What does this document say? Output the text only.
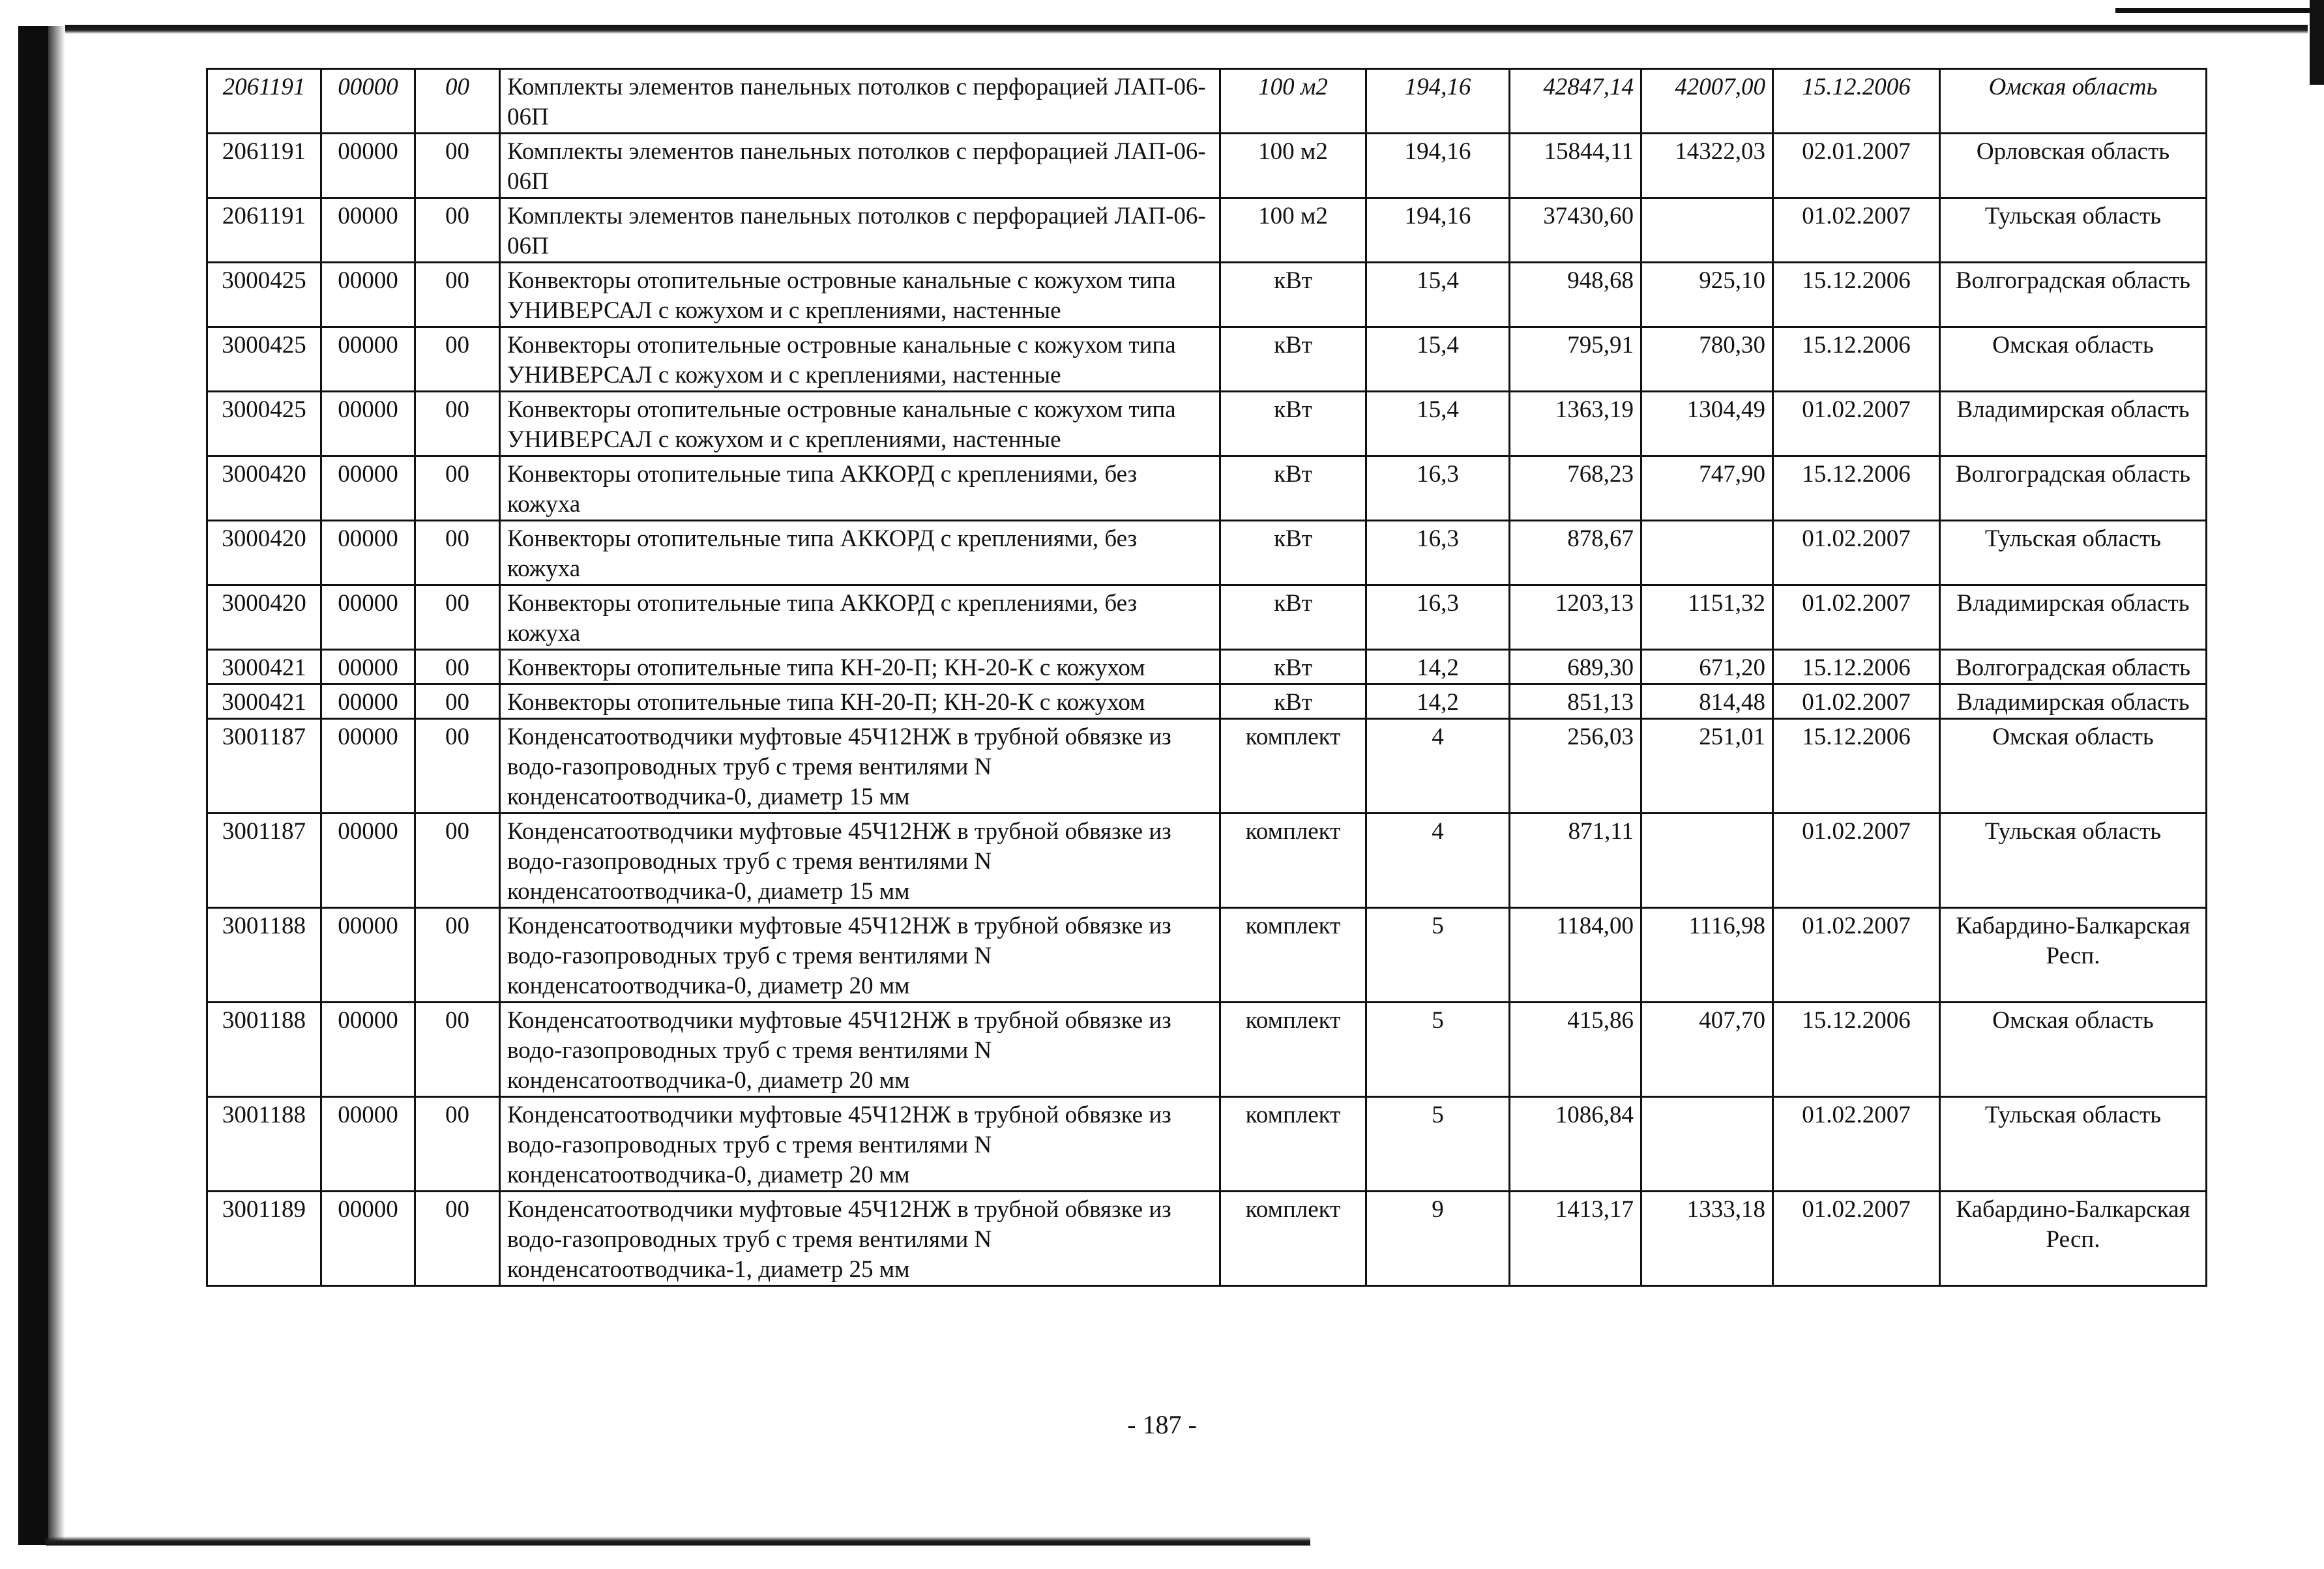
2061191	00000	00	Комплекты элементов панельных потолков с перфорацией ЛАП-06-06П	100 м2	194,16	42847,14	42007,00	15.12.2006	Омская область
2061191	00000	00	Комплекты элементов панельных потолков с перфорацией ЛАП-06-06П	100 м2	194,16	15844,11	14322,03	02.01.2007	Орловская область
2061191	00000	00	Комплекты элементов панельных потолков с перфорацией ЛАП-06-06П	100 м2	194,16	37430,60		01.02.2007	Тульская область
3000425	00000	00	Конвекторы отопительные островные канальные с кожухом типа УНИВЕРСАЛ с кожухом и с креплениями, настенные	кВт	15,4	948,68	925,10	15.12.2006	Волгоградская область
3000425	00000	00	Конвекторы отопительные островные канальные с кожухом типа УНИВЕРСАЛ с кожухом и с креплениями, настенные	кВт	15,4	795,91	780,30	15.12.2006	Омская область
3000425	00000	00	Конвекторы отопительные островные канальные с кожухом типа УНИВЕРСАЛ с кожухом и с креплениями, настенные	кВт	15,4	1363,19	1304,49	01.02.2007	Владимирская область
3000420	00000	00	Конвекторы отопительные типа АККОРД с креплениями, без кожуха	кВт	16,3	768,23	747,90	15.12.2006	Волгоградская область
3000420	00000	00	Конвекторы отопительные типа АККОРД с креплениями, без кожуха	кВт	16,3	878,67		01.02.2007	Тульская область
3000420	00000	00	Конвекторы отопительные типа АККОРД с креплениями, без кожуха	кВт	16,3	1203,13	1151,32	01.02.2007	Владимирская область
3000421	00000	00	Конвекторы отопительные типа КН-20-П; КН-20-К с кожухом	кВт	14,2	689,30	671,20	15.12.2006	Волгоградская область
3000421	00000	00	Конвекторы отопительные типа КН-20-П; КН-20-К с кожухом	кВт	14,2	851,13	814,48	01.02.2007	Владимирская область
3001187	00000	00	Конденсатоотводчики муфтовые 45Ч12НЖ в трубной обвязке из водо-газопроводных труб с тремя вентилями N конденсатоотводчика-0, диаметр 15 мм	комплект	4	256,03	251,01	15.12.2006	Омская область
3001187	00000	00	Конденсатоотводчики муфтовые 45Ч12НЖ в трубной обвязке из водо-газопроводных труб с тремя вентилями N конденсатоотводчика-0, диаметр 15 мм	комплект	4	871,11		01.02.2007	Тульская область
3001188	00000	00	Конденсатоотводчики муфтовые 45Ч12НЖ в трубной обвязке из водо-газопроводных труб с тремя вентилями N конденсатоотводчика-0, диаметр 20 мм	комплект	5	1184,00	1116,98	01.02.2007	Кабардино-Балкарская Респ.
3001188	00000	00	Конденсатоотводчики муфтовые 45Ч12НЖ в трубной обвязке из водо-газопроводных труб с тремя вентилями N конденсатоотводчика-0, диаметр 20 мм	комплект	5	415,86	407,70	15.12.2006	Омская область
3001188	00000	00	Конденсатоотводчики муфтовые 45Ч12НЖ в трубной обвязке из водо-газопроводных труб с тремя вентилями N конденсатоотводчика-0, диаметр 20 мм	комплект	5	1086,84		01.02.2007	Тульская область
3001189	00000	00	Конденсатоотводчики муфтовые 45Ч12НЖ в трубной обвязке из водо-газопроводных труб с тремя вентилями N конденсатоотводчика-1, диаметр 25 мм	комплект	9	1413,17	1333,18	01.02.2007	Кабардино-Балкарская Респ.
- 187 -
